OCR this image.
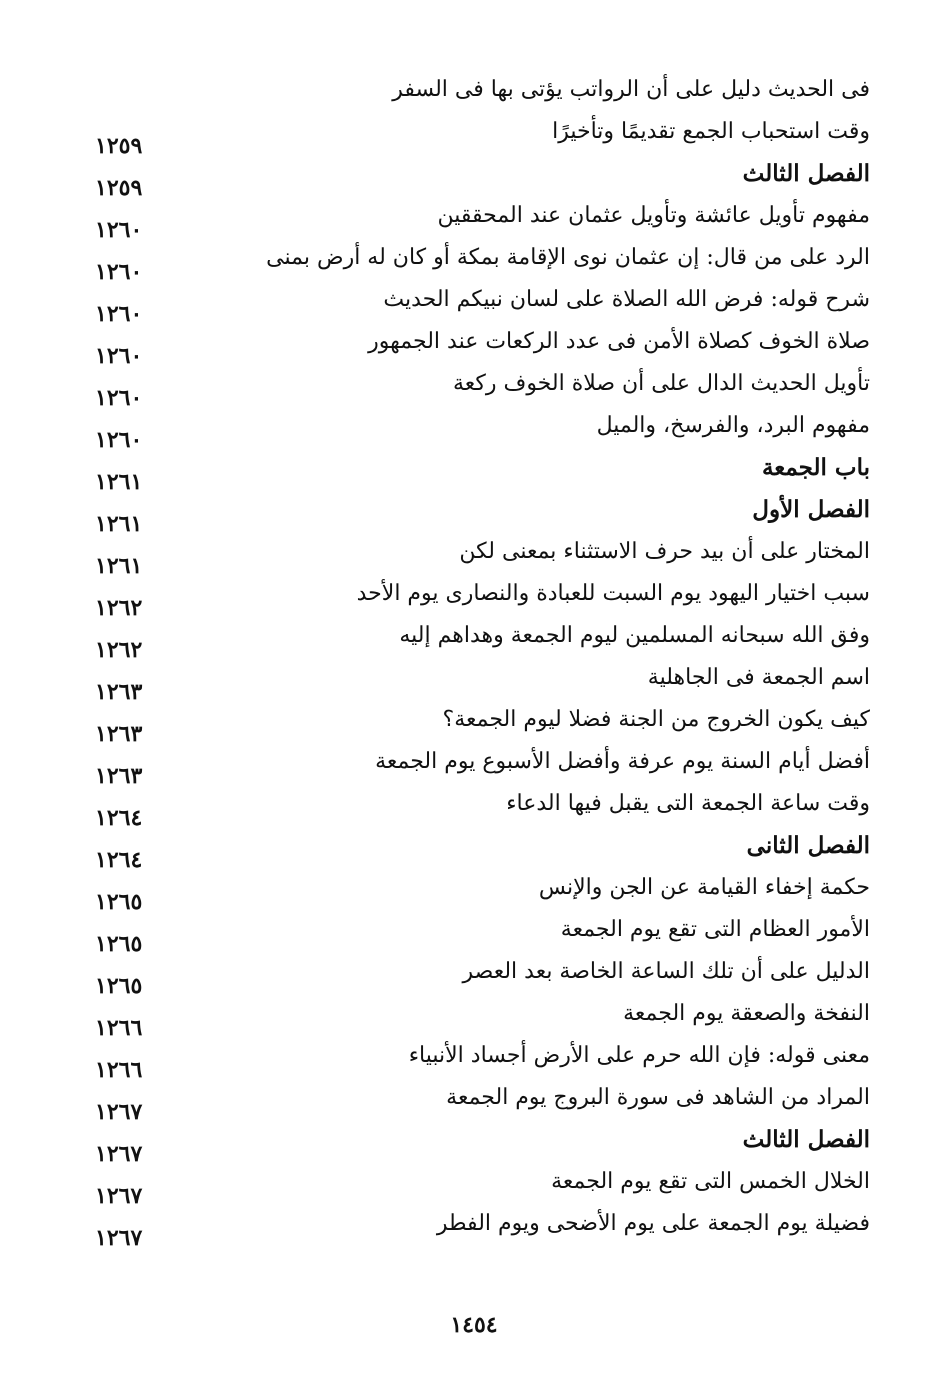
فى الحديث دليل على أن الرواتب يؤتى بها فى السفر
وقت استحباب الجمع تقديمًا وتأخيرًا
١٢٥٩
الفصل الثالث
١٢٥٩
مفهوم تأويل عائشة وتأويل عثمان عند المحققين
١٢٦٠
الرد على من قال: إن عثمان نوى الإقامة بمكة أو كان له أرض بمنى
١٢٦٠
شرح قوله: فرض الله الصلاة على لسان نبيكم الحديث
١٢٦٠
صلاة الخوف كصلاة الأمن فى عدد الركعات عند الجمهور
١٢٦٠
تأويل الحديث الدال على أن صلاة الخوف ركعة
١٢٦٠
مفهوم البرد، والفرسخ، والميل
١٢٦٠
باب الجمعة
١٢٦١
الفصل الأول
١٢٦١
المختار على أن بيد حرف الاستثناء بمعنى لكن
١٢٦١
سبب اختيار اليهود يوم السبت للعبادة والنصارى يوم الأحد
١٢٦٢
وفق الله سبحانه المسلمين ليوم الجمعة وهداهم إليه
١٢٦٢
اسم الجمعة فى الجاهلية
١٢٦٣
كيف يكون الخروج من الجنة فضلا ليوم الجمعة؟
١٢٦٣
أفضل أيام السنة يوم عرفة وأفضل الأسبوع يوم الجمعة
١٢٦٣
وقت ساعة الجمعة التى يقبل فيها الدعاء
١٢٦٤
الفصل الثانى
١٢٦٤
حكمة إخفاء القيامة عن الجن والإنس
١٢٦٥
الأمور العظام التى تقع يوم الجمعة
١٢٦٥
الدليل على أن تلك الساعة الخاصة بعد العصر
١٢٦٥
النفخة والصعقة يوم الجمعة
١٢٦٦
معنى قوله: فإن الله حرم على الأرض أجساد الأنبياء
١٢٦٦
المراد من الشاهد فى سورة البروج يوم الجمعة
١٢٦٧
الفصل الثالث
١٢٦٧
الخلال الخمس التى تقع يوم الجمعة
١٢٦٧
فضيلة يوم الجمعة على يوم الأضحى ويوم الفطر
١٢٦٧
١٤٥٤
